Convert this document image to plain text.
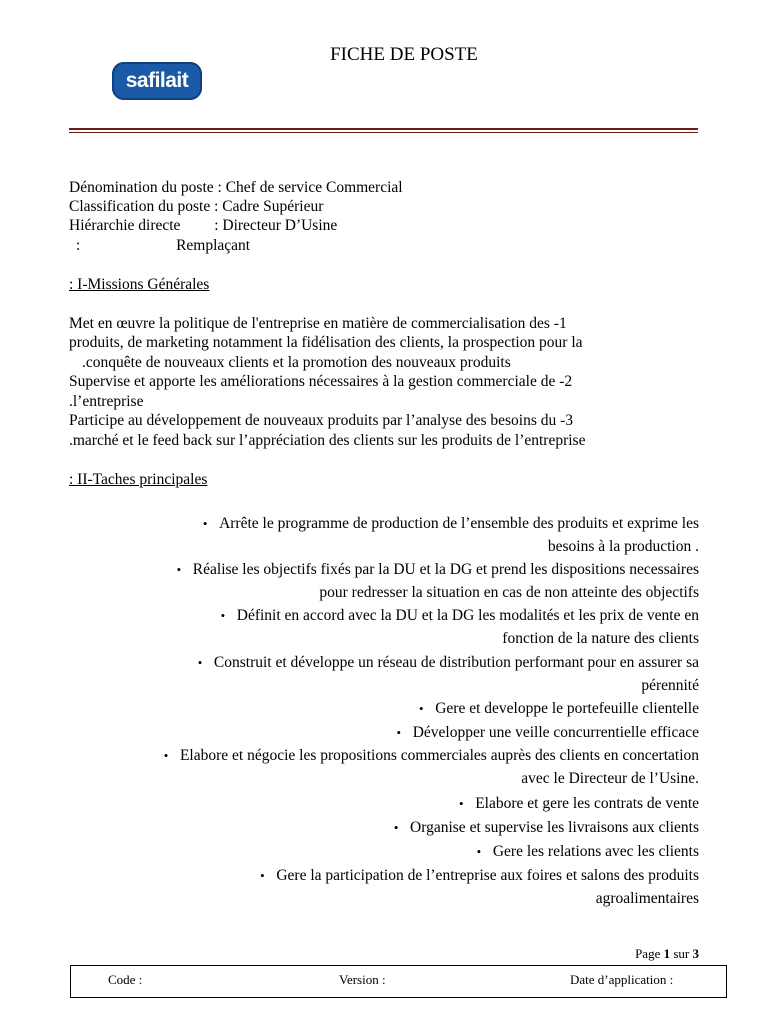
safilait
FICHE DE POSTE
Dénomination du poste : Chef de service Commercial
Classification du poste : Cadre Supérieur
Hiérarchie directe : Directeur D’Usine
:	Remplaçant
: I-Missions Générales
Met en œuvre la politique de l'entreprise en matière de commercialisation des -1
produits, de marketing notamment la fidélisation des clients, la prospection pour la
.conquête de nouveaux clients et la promotion des nouveaux produits
Supervise et apporte les améliorations nécessaires à la gestion commerciale de -2
.l’entreprise
Participe au développement de nouveaux produits par l’analyse des besoins du -3
.marché et le feed back sur l’appréciation des clients sur les produits de l’entreprise
: II-Taches principales
• Arrête le programme de production de l’ensemble des produits et exprime les
besoins à la production .
• Réalise les objectifs fixés par la DU et la DG et prend les dispositions necessaires
pour redresser la situation en cas de non atteinte des objectifs
• Définit en accord avec la DU et la DG les modalités et les prix de vente en
fonction de la nature des clients
• Construit et développe un réseau de distribution performant pour en assurer sa
pérennité
• Gere et developpe le portefeuille clientelle
• Développer une veille concurrentielle efficace
• Elabore et négocie les propositions commerciales auprès des clients en concertation
avec le Directeur de l’Usine.
• Elabore et gere les contrats de vente
• Organise et supervise les livraisons aux clients
• Gere les relations avec les clients
• Gere la participation de l’entreprise aux foires et salons des produits
agroalimentaires
Page 1 sur 3
Code :	Version :	Date d’application :
